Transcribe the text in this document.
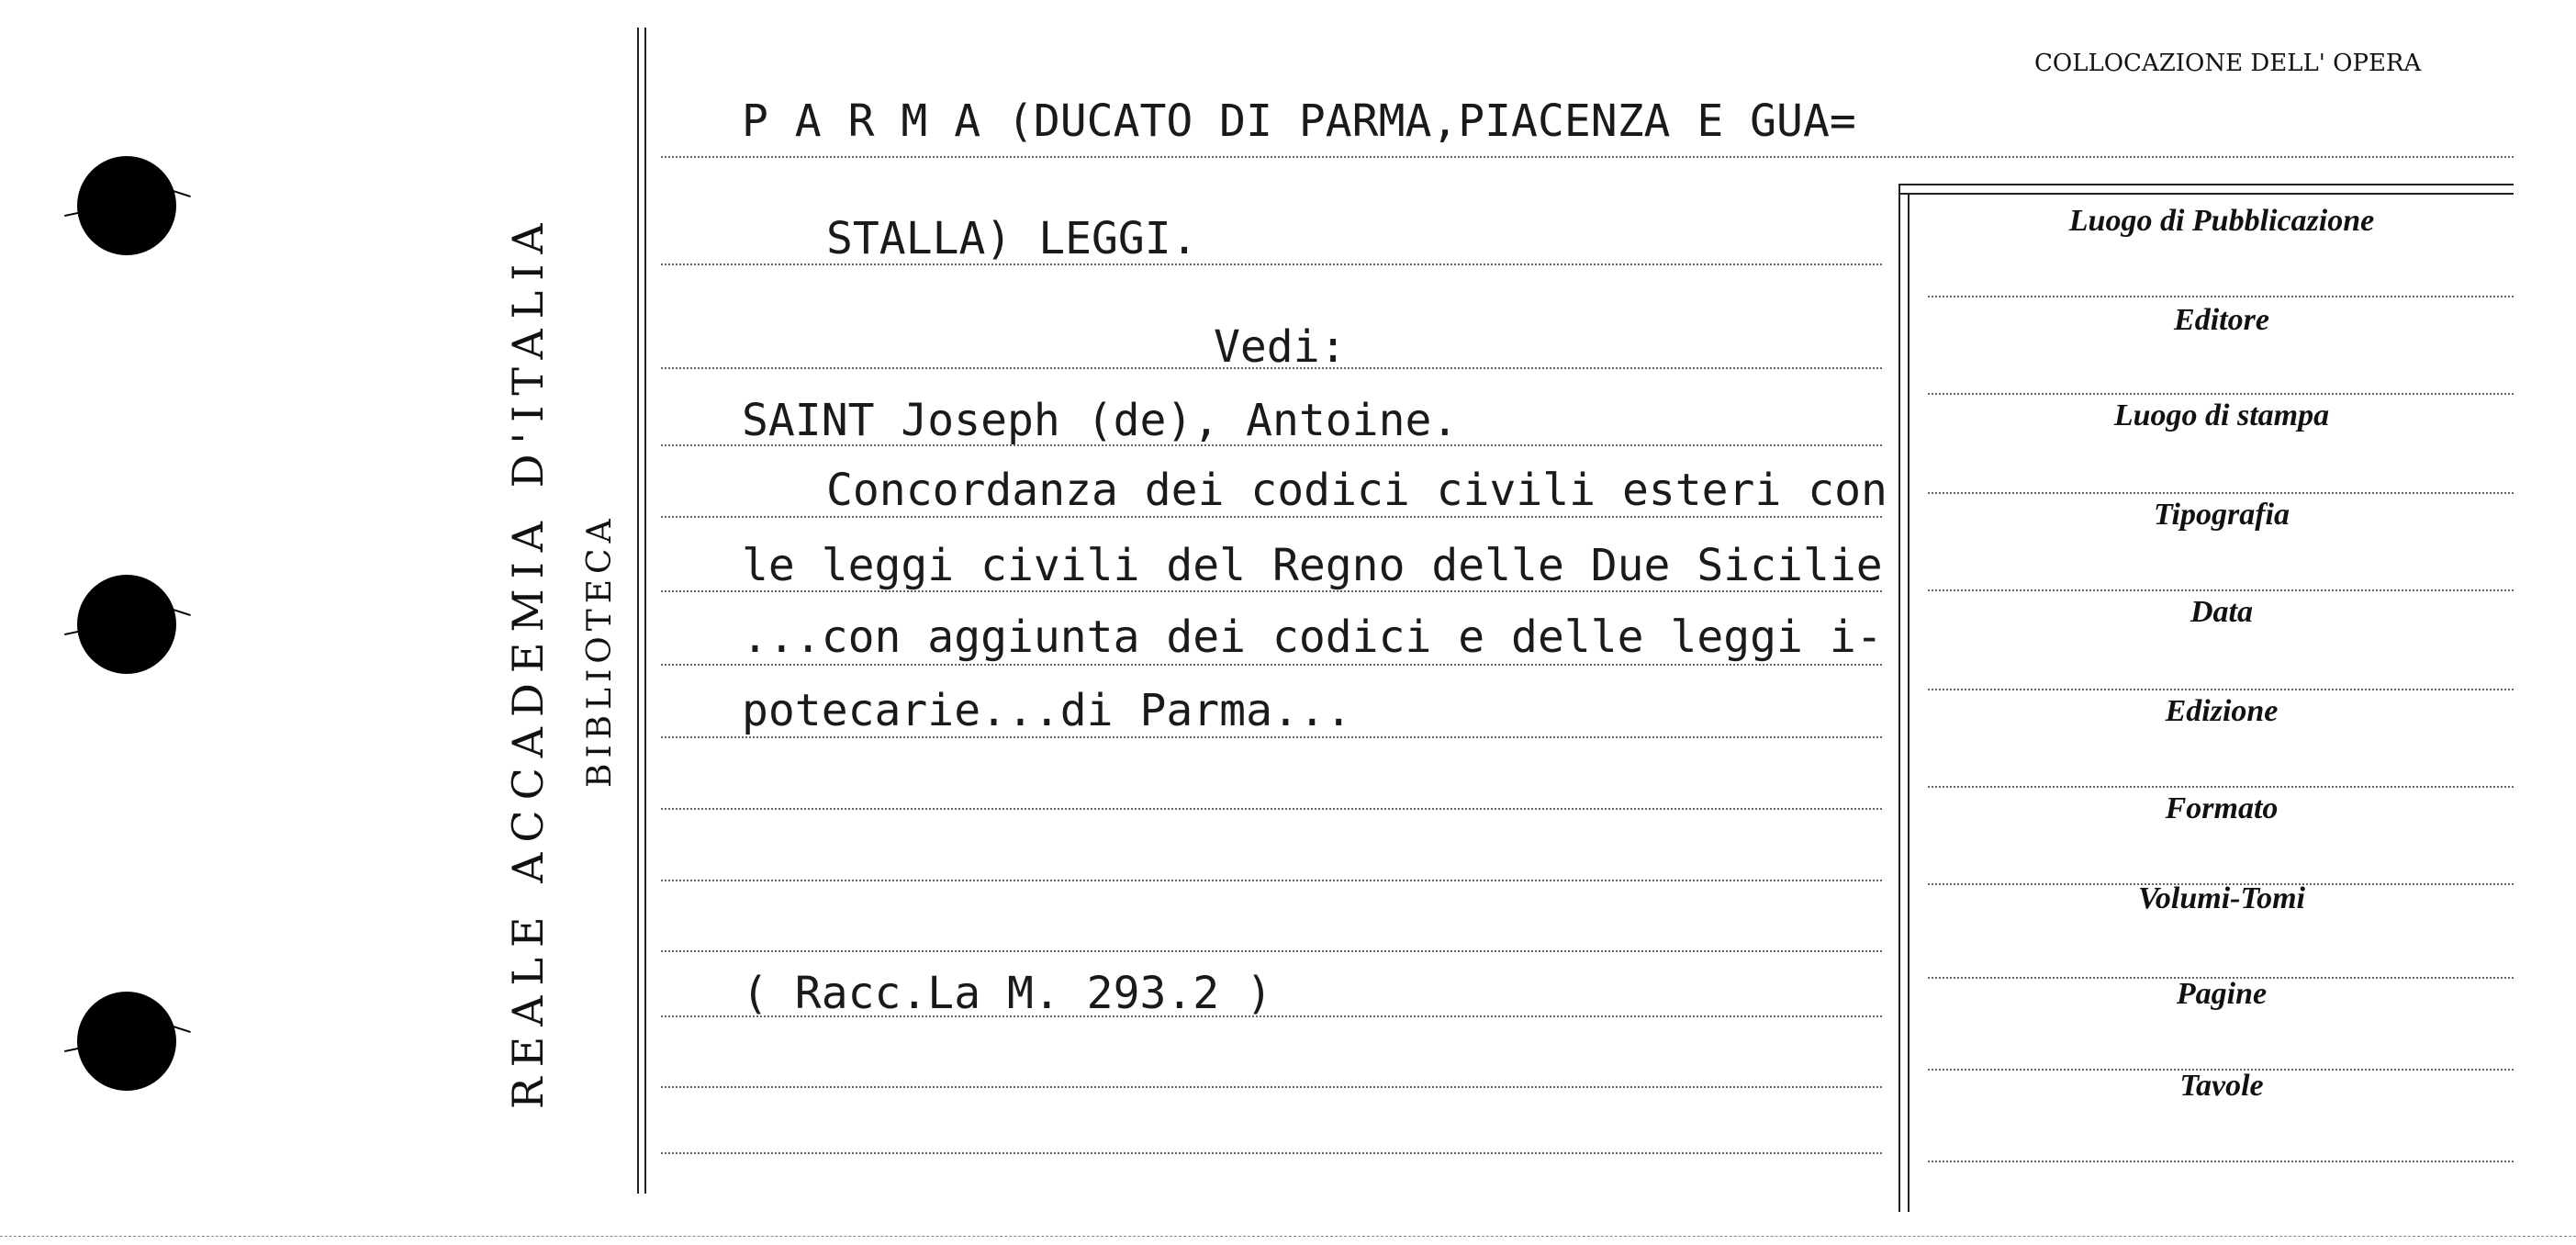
REALE ACCADEMIA D'ITALIA BIBLIOTECA
P A R M A (DUCATO DI PARMA,PIACENZA E GUA=
STALLA) LEGGI.
Vedi:
SAINT Joseph (de), Antoine.
Concordanza dei codici civili esteri con
le leggi civili del Regno delle Due Sicilie
...con aggiunta dei codici e delle leggi i-
potecarie...di Parma...
( Racc.La M. 293.2 )
COLLOCAZIONE DELL' OPERA
Luogo di Pubblicazione
Editore
Luogo di stampa
Tipografia
Data
Edizione
Formato
Volumi-Tomi
Pagine
Tavole
